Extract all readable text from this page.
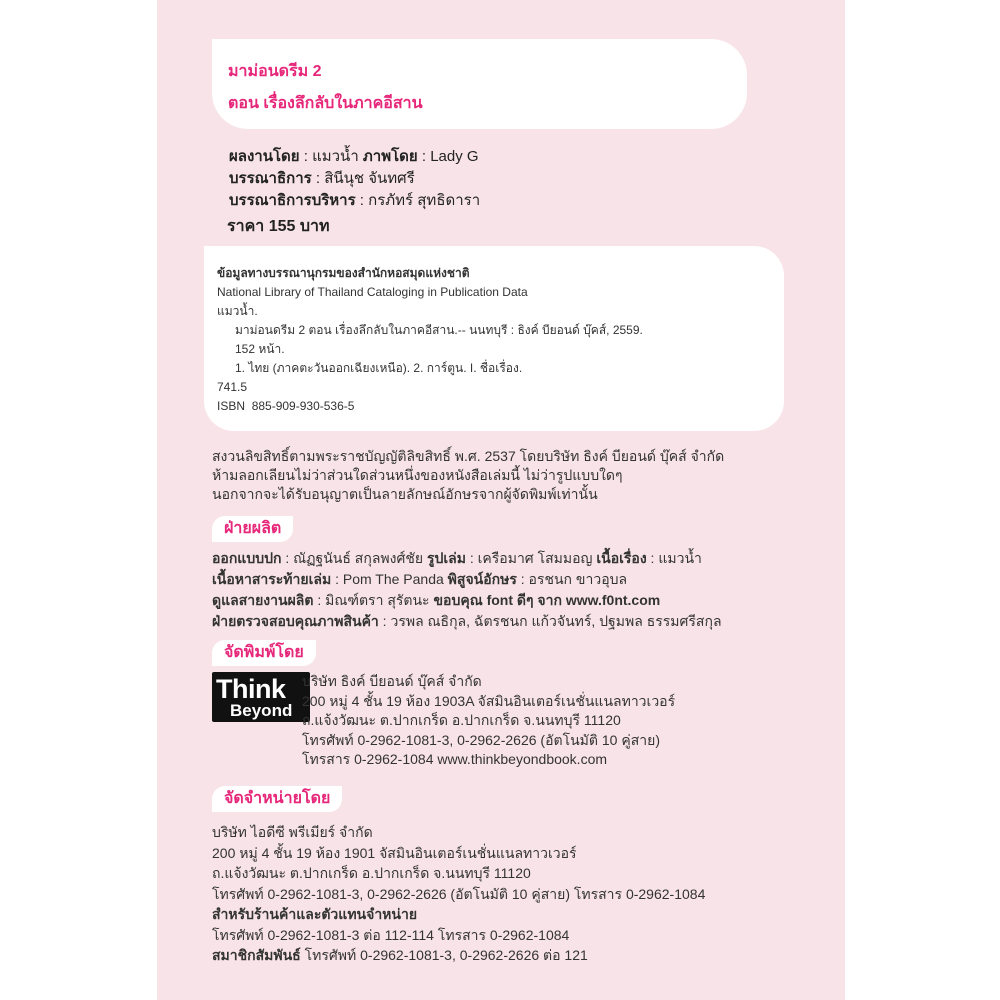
มาม่อนดรีม 2
ตอน เรื่องลึกลับในภาคอีสาน
ผลงานโดย : แมวน้ำ ภาพโดย : Lady G
บรรณาธิการ : สินีนุช จันทศรี
บรรณาธิการบริหาร : กรภัทร์ สุทธิดารา
ราคา 155 บาท
ข้อมูลทางบรรณานุกรมของสำนักหอสมุดแห่งชาติ
National Library of Thailand Cataloging in Publication Data
แมวน้ำ.
มาม่อนดรีม 2 ตอน เรื่องลึกลับในภาคอีสาน.-- นนทบุรี : ธิงค์ บียอนด์ บุ๊คส์, 2559.
152 หน้า.
1. ไทย (ภาคตะวันออกเฉียงเหนือ). 2. การ์ตูน. I. ชื่อเรื่อง.
741.5
ISBN 885-909-930-536-5
สงวนลิขสิทธิ์ตามพระราชบัญญัติลิขสิทธิ์ พ.ศ. 2537 โดยบริษัท ธิงค์ บียอนด์ บุ๊คส์ จำกัด
ห้ามลอกเลียนไม่ว่าส่วนใดส่วนหนึ่งของหนังสือเล่มนี้ ไม่ว่ารูปแบบใดๆ
นอกจากจะได้รับอนุญาตเป็นลายลักษณ์อักษรจากผู้จัดพิมพ์เท่านั้น
ฝ่ายผลิต
ออกแบบปก : ณัฏฐนันธ์ สกุลพงศ์ชัย รูปเล่ม : เครือมาศ โสมมอญ เนื้อเรื่อง : แมวน้ำ
เนื้อหาสาระท้ายเล่ม : Pom The Panda พิสูจน์อักษร : อรชนก ขาวอุบล
ดูแลสายงานผลิต : มิณฑ์ตรา สุรัตนะ ขอบคุณ font ดีๆ จาก www.f0nt.com
ฝ่ายตรวจสอบคุณภาพสินค้า : วรพล ณธิกุล, ฉัตรชนก แก้วจันทร์, ปฐมพล ธรรมศรีสกุล
จัดพิมพ์โดย
Think
Beyond
บริษัท ธิงค์ บียอนด์ บุ๊คส์ จำกัด
200 หมู่ 4 ชั้น 19 ห้อง 1903A จัสมินอินเตอร์เนชั่นแนลทาวเวอร์
ถ.แจ้งวัฒนะ ต.ปากเกร็ด อ.ปากเกร็ด จ.นนทบุรี 11120
โทรศัพท์ 0-2962-1081-3, 0-2962-2626 (อัตโนมัติ 10 คู่สาย)
โทรสาร 0-2962-1084 www.thinkbeyondbook.com
จัดจำหน่ายโดย
บริษัท ไอดีซี พรีเมียร์ จำกัด
200 หมู่ 4 ชั้น 19 ห้อง 1901 จัสมินอินเตอร์เนชั่นแนลทาวเวอร์
ถ.แจ้งวัฒนะ ต.ปากเกร็ด อ.ปากเกร็ด จ.นนทบุรี 11120
โทรศัพท์ 0-2962-1081-3, 0-2962-2626 (อัตโนมัติ 10 คู่สาย) โทรสาร 0-2962-1084
สำหรับร้านค้าและตัวแทนจำหน่าย
โทรศัพท์ 0-2962-1081-3 ต่อ 112-114 โทรสาร 0-2962-1084
สมาชิกสัมพันธ์ โทรศัพท์ 0-2962-1081-3, 0-2962-2626 ต่อ 121
